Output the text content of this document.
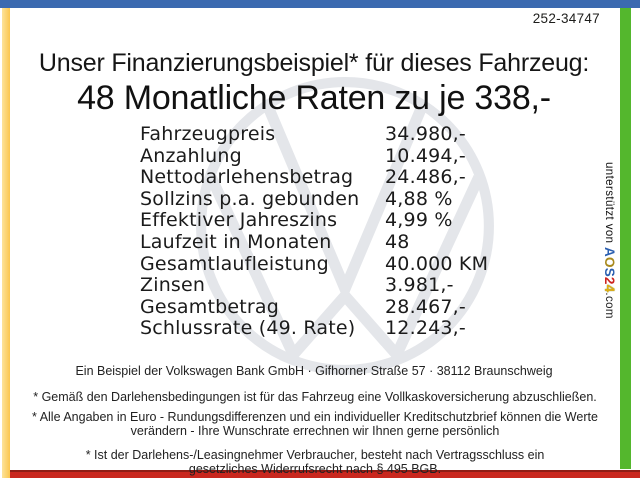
252-34747
Unser Finanzierungsbeispiel* für dieses Fahrzeug:
48 Monatliche Raten zu je 338,-
Fahrzeugpreis	34.980,-
Anzahlung	10.494,-
Nettodarlehensbetrag	24.486,-
Sollzins p.a. gebunden	4,88 %
Effektiver Jahreszins	4,99 %
Laufzeit in Monaten	48
Gesamtlaufleistung	40.000 KM
Zinsen	3.981,-
Gesamtbetrag	28.467,-
Schlussrate (49. Rate)	12.243,-
Ein Beispiel der Volkswagen Bank GmbH · Gifhorner Straße 57 · 38112 Braunschweig

* Gemäß den Darlehensbedingungen ist für das Fahrzeug eine Vollkaskoversicherung abzuschließen.

* Alle Angaben in Euro - Rundungsdifferenzen und ein individueller Kreditschutzbrief können die Werte verändern - Ihre Wunschrate errechnen wir Ihnen gerne persönlich

* Ist der Darlehens-/Leasingnehmer Verbraucher, besteht nach Vertragsschluss ein gesetzliches Widerrufsrecht nach § 495 BGB.

unterstützt von AOS24.com
